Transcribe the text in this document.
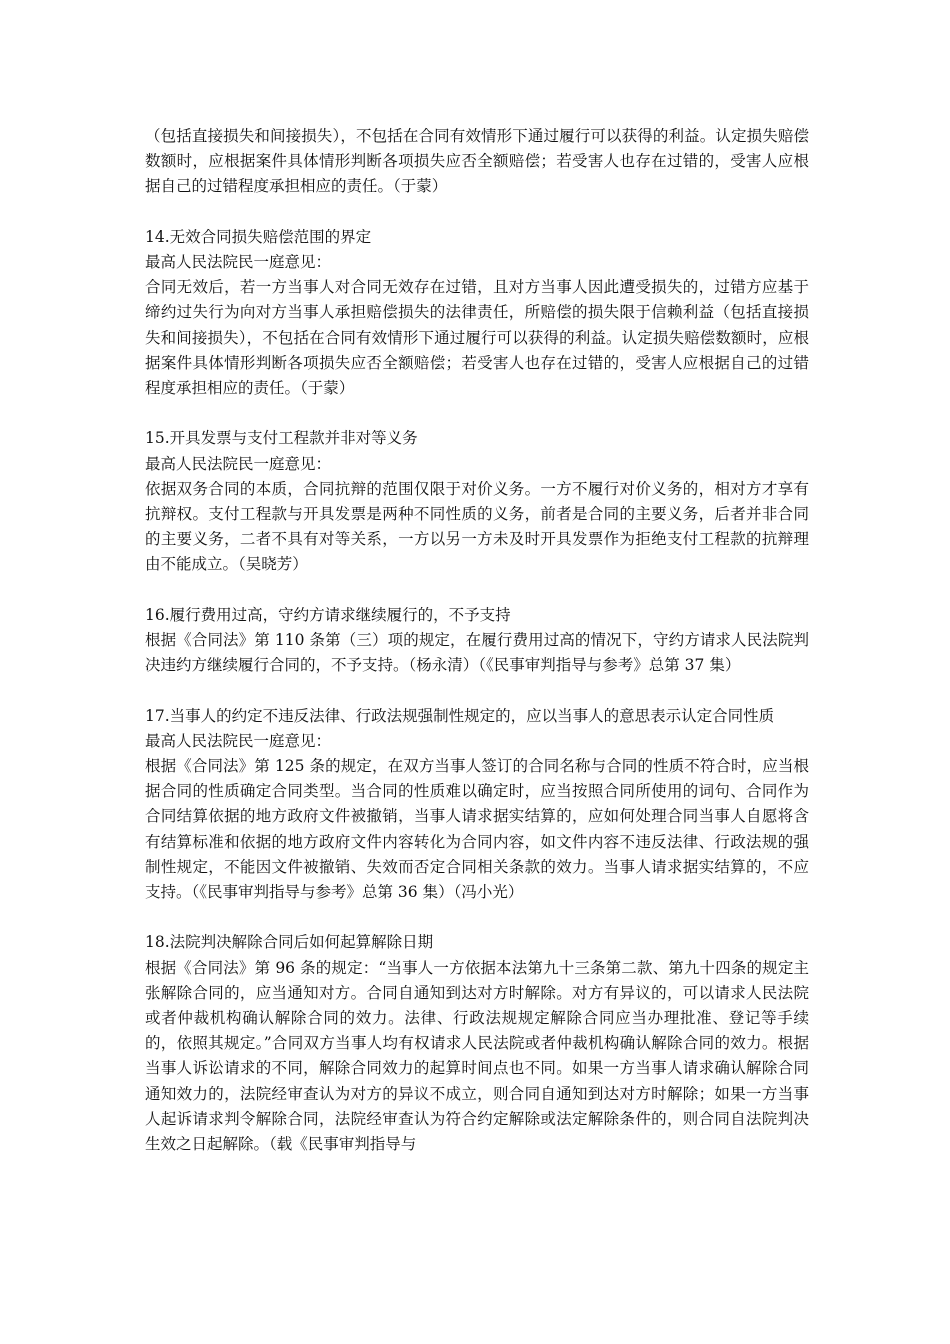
（包括直接损失和间接损失），不包括在合同有效情形下通过履行可以获得的利益。认定损失赔偿数额时，应根据案件具体情形判断各项损失应否全额赔偿；若受害人也存在过错的，受害人应根据自己的过错程度承担相应的责任。（于蒙）

14.无效合同损失赔偿范围的界定

最高人民法院民一庭意见：

合同无效后，若一方当事人对合同无效存在过错，且对方当事人因此遭受损失的，过错方应基于缔约过失行为向对方当事人承担赔偿损失的法律责任，所赔偿的损失限于信赖利益（包括直接损失和间接损失），不包括在合同有效情形下通过履行可以获得的利益。认定损失赔偿数额时，应根据案件具体情形判断各项损失应否全额赔偿；若受害人也存在过错的，受害人应根据自己的过错程度承担相应的责任。（于蒙）

15.开具发票与支付工程款并非对等义务

最高人民法院民一庭意见：

依据双务合同的本质，合同抗辩的范围仅限于对价义务。一方不履行对价义务的，相对方才享有抗辩权。支付工程款与开具发票是两种不同性质的义务，前者是合同的主要义务，后者并非合同的主要义务，二者不具有对等关系，一方以另一方未及时开具发票作为拒绝支付工程款的抗辩理由不能成立。（吴晓芳）

16.履行费用过高，守约方请求继续履行的，不予支持

根据《合同法》第 110 条第（三）项的规定，在履行费用过高的情况下，守约方请求人民法院判决违约方继续履行合同的，不予支持。（杨永清）（《民事审判指导与参考》总第 37 集）

17.当事人的约定不违反法律、行政法规强制性规定的，应以当事人的意思表示认定合同性质

最高人民法院民一庭意见：

根据《合同法》第 125 条的规定，在双方当事人签订的合同名称与合同的性质不符合时，应当根据合同的性质确定合同类型。当合同的性质难以确定时，应当按照合同所使用的词句、合同作为合同结算依据的地方政府文件被撤销，当事人请求据实结算的，应如何处理合同当事人自愿将含有结算标准和依据的地方政府文件内容转化为合同内容，如文件内容不违反法律、行政法规的强制性规定，不能因文件被撤销、失效而否定合同相关条款的效力。当事人请求据实结算的，不应支持。（《民事审判指导与参考》总第 36 集）（冯小光）

18.法院判决解除合同后如何起算解除日期

根据《合同法》第 96 条的规定：“当事人一方依据本法第九十三条第二款、第九十四条的规定主张解除合同的，应当通知对方。合同自通知到达对方时解除。对方有异议的，可以请求人民法院或者仲裁机构确认解除合同的效力。法律、行政法规规定解除合同应当办理批准、登记等手续的，依照其规定。”合同双方当事人均有权请求人民法院或者仲裁机构确认解除合同的效力。根据当事人诉讼请求的不同，解除合同效力的起算时间点也不同。如果一方当事人请求确认解除合同通知效力的，法院经审查认为对方的异议不成立，则合同自通知到达对方时解除；如果一方当事人起诉请求判令解除合同，法院经审查认为符合约定解除或法定解除条件的，则合同自法院判决生效之日起解除。（载《民事审判指导与
